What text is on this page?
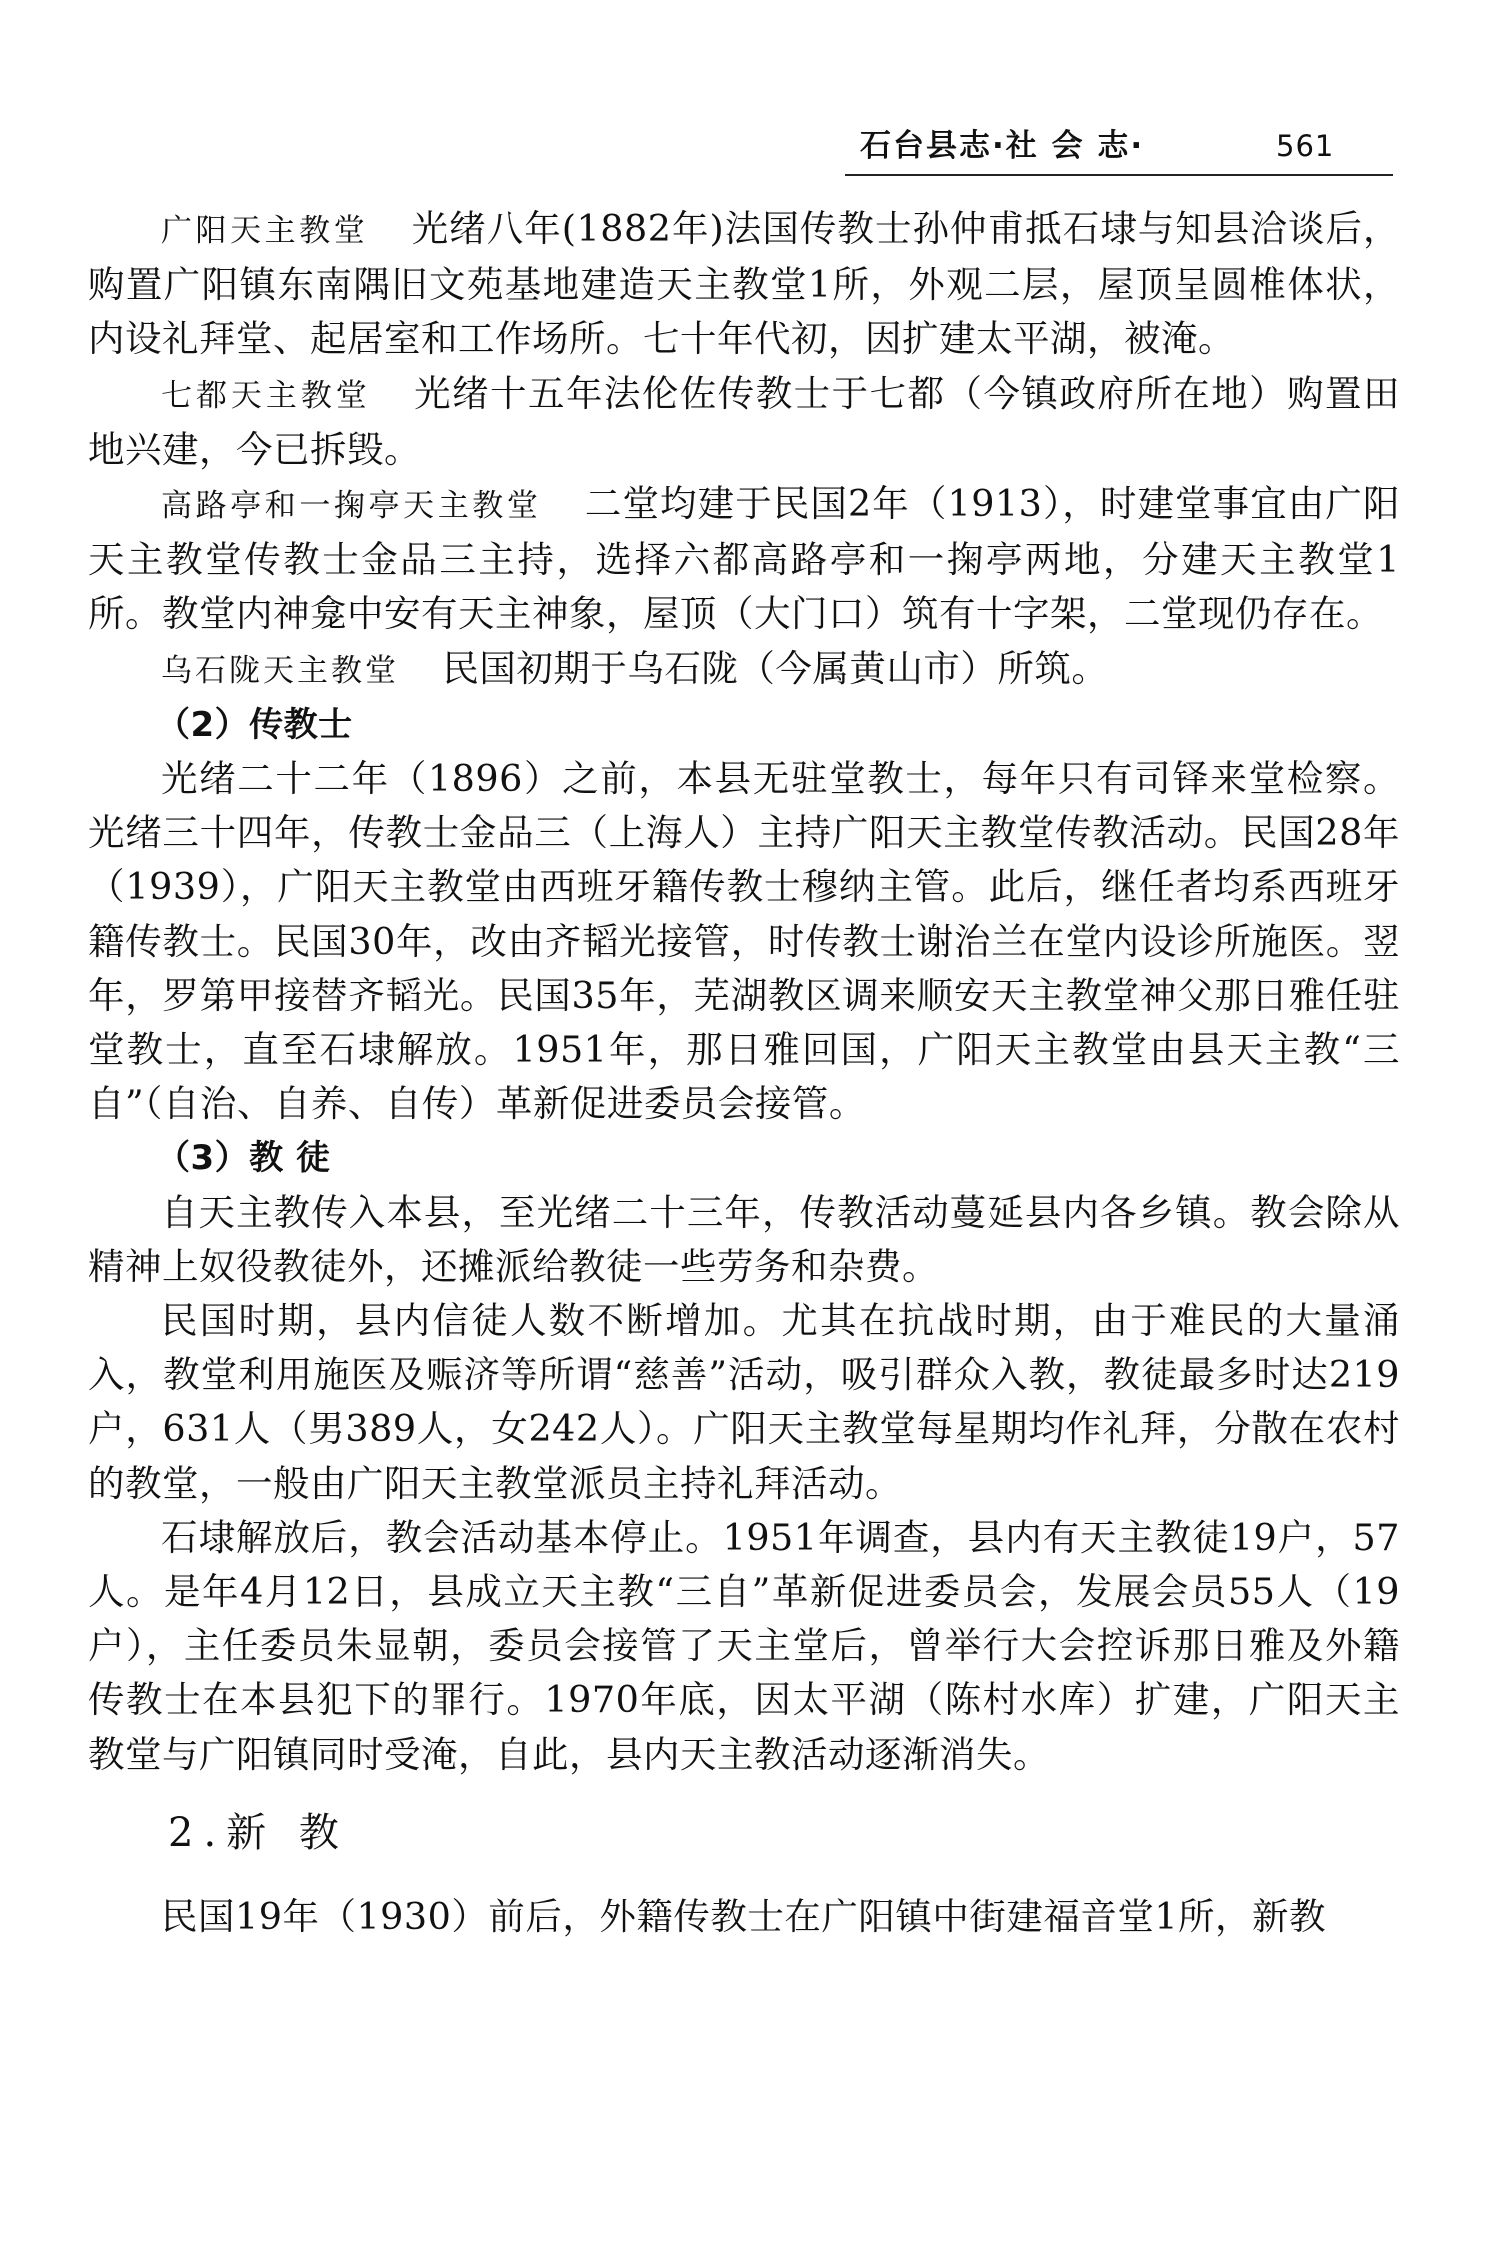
石台县志·社 会 志·	561

广阳天主教堂 光绪八年(1882年)法国传教士孙仲甫抵石埭与知县洽谈后，购置广阳镇东南隅旧文苑基地建造天主教堂1所，外观二层，屋顶呈圆椎体状，内设礼拜堂、起居室和工作场所。七十年代初，因扩建太平湖，被淹。

七都天主教堂 光绪十五年法伦佐传教士于七都（今镇政府所在地）购置田地兴建，今已拆毁。

高路亭和一掬亭天主教堂 二堂均建于民国2年（1913），时建堂事宜由广阳天主教堂传教士金品三主持，选择六都高路亭和一掬亭两地，分建天主教堂1所。教堂内神龛中安有天主神象，屋顶（大门口）筑有十字架，二堂现仍存在。

乌石陇天主教堂 民国初期于乌石陇（今属黄山市）所筑。

（2）传教士

光绪二十二年（1896）之前，本县无驻堂教士，每年只有司铎来堂检察。光绪三十四年，传教士金品三（上海人）主持广阳天主教堂传教活动。民国28年（1939），广阳天主教堂由西班牙籍传教士穆纳主管。此后，继任者均系西班牙籍传教士。民国30年，改由齐韬光接管，时传教士谢治兰在堂内设诊所施医。翌年，罗第甲接替齐韬光。民国35年，芜湖教区调来顺安天主教堂神父那日雅任驻堂教士，直至石埭解放。1951年，那日雅回国，广阳天主教堂由县天主教“三自”（自治、自养、自传）革新促进委员会接管。

（3）教 徒

自天主教传入本县，至光绪二十三年，传教活动蔓延县内各乡镇。教会除从精神上奴役教徒外，还摊派给教徒一些劳务和杂费。

民国时期，县内信徒人数不断增加。尤其在抗战时期，由于难民的大量涌入，教堂利用施医及赈济等所谓“慈善”活动，吸引群众入教，教徒最多时达219户，631人（男389人，女242人）。广阳天主教堂每星期均作礼拜，分散在农村的教堂，一般由广阳天主教堂派员主持礼拜活动。

石埭解放后，教会活动基本停止。1951年调查，县内有天主教徒19户，57人。是年4月12日，县成立天主教“三自”革新促进委员会，发展会员55人（19户），主任委员朱显朝，委员会接管了天主堂后，曾举行大会控诉那日雅及外籍传教士在本县犯下的罪行。1970年底，因太平湖（陈村水库）扩建，广阳天主教堂与广阳镇同时受淹，自此，县内天主教活动逐渐消失。

2.新 教

民国19年（1930）前后，外籍传教士在广阳镇中街建福音堂1所，新教
